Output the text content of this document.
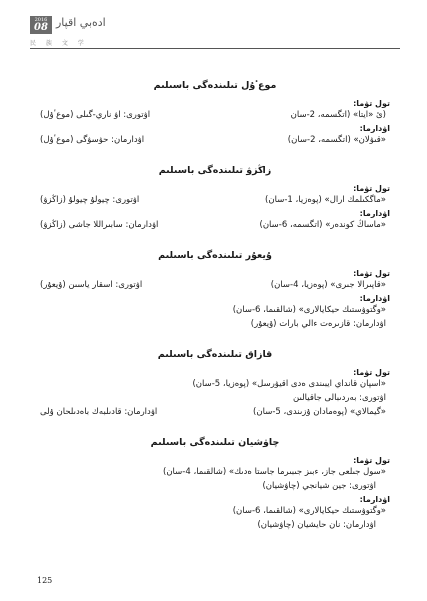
2016
08 ادەبي اقپار
民 族 文 学
موعٴۇل تىلىندەگى باسىلىم
تول تۋما:
(ئ «ايتا» (اتگسمە، 2-سان
اۋتورى: اۋ ناري-گىلى (موعٴۇل)
اۋدارما:
«قىۋلان» (اتگسمە، 2-سان)
اۋدارمان: حۋسۋگى (موعٴۇل)
زاڭزۋ تىلىندەگى باسىلىم
تول تۋما:
«ماگكىلمك ارال» (پوەزيا، 1-سان)
اۋتورى: چيولۇ چيولۇ (زاڭزۋ)
اۋدارما:
«ماساڭ كوندەر» (اتگسمە، 6-سان)
اۋدارمان: سابىراللا جاشى (زاڭزۋ)
ۇيعۇر تىلىندەگى باسىلىم
تول تۋما:
«قاپىرالا جىرى» (پوەزيا، 4-سان)
اۋتورى: اسقار ياسىن (ۇيعۇر)
اۋدارما:
«وگتوۋستىك حيكايالارى» (شالقىما، 6-سان)
اۋدارمان: قازىرەت ءالي بارات (ۇيعۇر)
قازاق تىلىندەگى باسىلىم
تول تۋما:
«اسپان قانداي ايبىندى ەدى اقيۋرسل» (پوەزيا، 5-سان)
اۋتورى: بەردىبالى جاقيالىن
«گيمالاي» (پوەمادان ۇزىندى، 5-سان)
اۋدارمان: قادىلبەك باەدىلحان ۇلى
چاۋشيان تىلىندەگى باسىلىم
تول تۋما:
«سول جىلعى جاز، ءبىز جىبىرما جاستا ەدىك» (شالقىما، 4-سان)
اۋتورى: جين شيانجي (چاۋشيان)
اۋدارما:
«وگتوۋستىك حيكايالارى» (شالقىما، 6-سان)
اۋدارمان: نان حايشيان (چاۋشيان)
125
